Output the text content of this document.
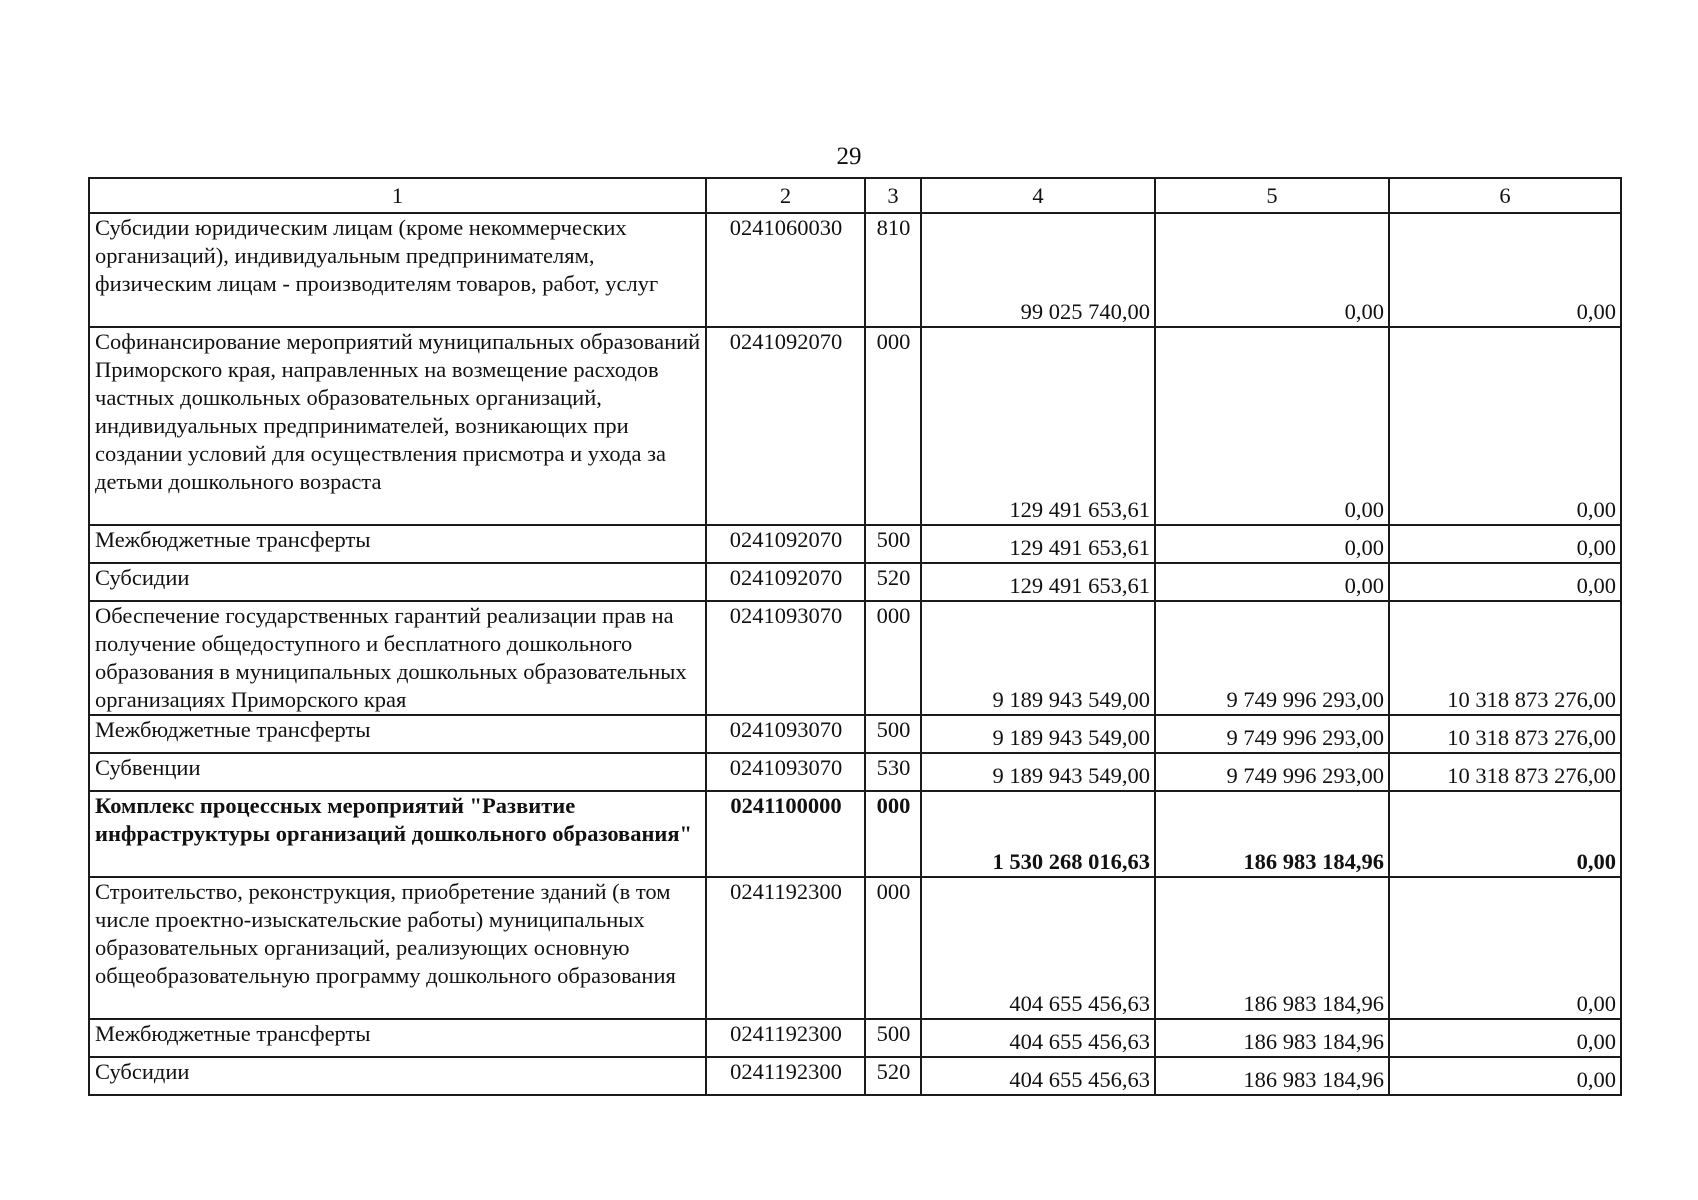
29
1	2	3	4	5	6
Субсидии юридическим лицам (кроме некоммерческих организаций), индивидуальным предпринимателям, физическим лицам - производителям товаров, работ, услуг	0241060030	810	99 025 740,00	0,00	0,00
Софинансирование мероприятий муниципальных образований Приморского края, направленных на возмещение расходов частных дошкольных образовательных организаций, индивидуальных предпринимателей, возникающих при создании условий для осуществления присмотра и ухода за детьми дошкольного возраста	0241092070	000	129 491 653,61	0,00	0,00
Межбюджетные трансферты	0241092070	500	129 491 653,61	0,00	0,00
Субсидии	0241092070	520	129 491 653,61	0,00	0,00
Обеспечение государственных гарантий реализации прав на получение общедоступного и бесплатного дошкольного образования в муниципальных дошкольных образовательных организациях Приморского края	0241093070	000	9 189 943 549,00	9 749 996 293,00	10 318 873 276,00
Межбюджетные трансферты	0241093070	500	9 189 943 549,00	9 749 996 293,00	10 318 873 276,00
Субвенции	0241093070	530	9 189 943 549,00	9 749 996 293,00	10 318 873 276,00
Комплекс процессных мероприятий "Развитие инфраструктуры организаций дошкольного образования"	0241100000	000	1 530 268 016,63	186 983 184,96	0,00
Строительство, реконструкция, приобретение зданий (в том числе проектно-изыскательские работы) муниципальных образовательных организаций, реализующих основную общеобразовательную программу дошкольного образования	0241192300	000	404 655 456,63	186 983 184,96	0,00
Межбюджетные трансферты	0241192300	500	404 655 456,63	186 983 184,96	0,00
Субсидии	0241192300	520	404 655 456,63	186 983 184,96	0,00
